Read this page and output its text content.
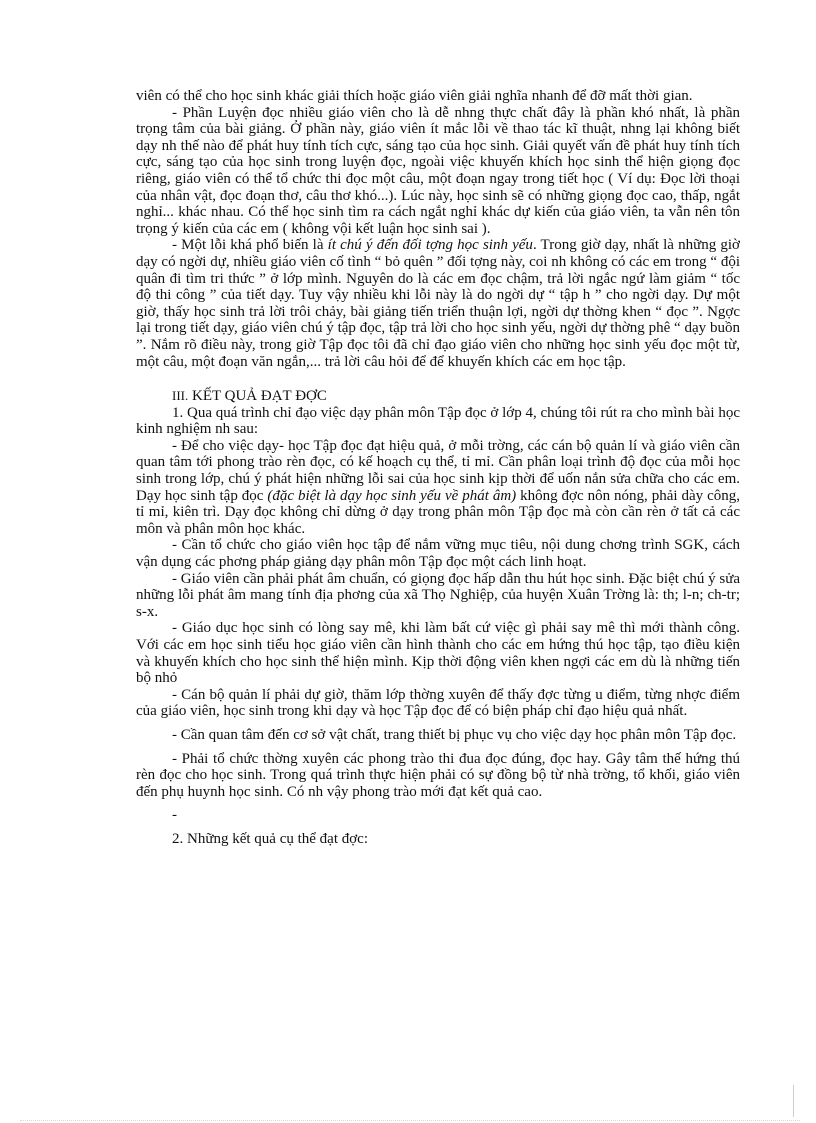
viên có thể cho học sinh khác giải thích hoặc giáo viên giải nghĩa nhanh để đỡ mất thời gian.

- Phần Luyện đọc nhiều giáo viên cho là dễ nhng thực chất đây là phần khó nhất, là phần trọng tâm của bài giảng. Ở phần này, giáo viên ít mắc lỗi về thao tác kĩ thuật, nhng lại không biết dạy nh thế nào để phát huy tính tích cực, sáng tạo của học sinh. Giải quyết vấn đề phát huy tính tích cực, sáng tạo của học sinh trong luyện đọc, ngoài việc khuyến khích học sinh thể hiện giọng đọc riêng, giáo viên có thể tổ chức thi đọc một câu, một đoạn ngay trong tiết học ( Ví dụ: Đọc lời thoại của nhân vật, đọc đoạn thơ, câu thơ khó...). Lúc này, học sinh sẽ có những giọng đọc cao, thấp, ngắt nghỉ... khác nhau. Có thể học sinh tìm ra cách ngắt nghỉ khác dự kiến của giáo viên, ta vẫn nên tôn trọng ý kiến của các em ( không vội kết luận học sinh sai ).

- Một lỗi khá phổ biến là ít chú ý đến đối tợng học sinh yếu. Trong giờ dạy, nhất là những giờ dạy có ngời dự, nhiều giáo viên cố tình “ bỏ quên ” đối tợng này, coi nh không có các em trong “ đội quân đi tìm tri thức ” ở lớp mình. Nguyên do là các em đọc chậm, trả lời ngắc ngứ làm giảm “ tốc độ thi công ” của tiết dạy. Tuy vậy nhiều khi lỗi này là do ngời dự “ tập h ” cho ngời dạy. Dự một giờ, thấy học sinh trả lời trôi chảy, bài giảng tiến triển thuận lợi, ngời dự thờng khen “ đọc ”. Ngợc lại trong tiết dạy, giáo viên chú ý tập đọc, tập trả lời cho học sinh yếu, ngời dự thờng phê “ dạy buồn ”. Nắm rõ điều này, trong giờ Tập đọc tôi đã chỉ đạo giáo viên cho những học sinh yếu đọc một từ, một câu, một đoạn văn ngắn,... trả lời câu hỏi để để khuyến khích các em học tập.

III. KẾT QUẢ ĐẠT ĐỢC

1. Qua quá trình chỉ đạo việc dạy phân môn Tập đọc ở lớp 4, chúng tôi rút ra cho mình bài học kinh nghiệm nh sau:

- Để cho việc dạy- học Tập đọc đạt hiệu quả, ở mỗi trờng, các cán bộ quản lí và giáo viên cần quan tâm tới phong trào rèn đọc, có kế hoạch cụ thể, tỉ mỉ. Cần phân loại trình độ đọc của mỗi học sinh trong lớp, chú ý phát hiện những lỗi sai của học sinh kịp thời để uốn nắn sửa chữa cho các em. Dạy học sinh tập đọc (đặc biệt là dạy học sinh yếu về phát âm) không đợc nôn nóng, phải dày công, tỉ mỉ, kiên trì. Dạy đọc không chỉ dừng ở dạy trong phân môn Tập đọc mà còn cần rèn ở tất cả các môn và phân môn học khác.

- Cần tổ chức cho giáo viên học tập để nắm vững mục tiêu, nội dung chơng trình SGK, cách vận dụng các phơng pháp giảng dạy phân môn Tập đọc một cách linh hoạt.

- Giáo viên cần phải phát âm chuẩn, có giọng đọc hấp dẫn thu hút học sinh. Đặc biệt chú ý sửa những lỗi phát âm mang tính địa phơng của xã Thọ Nghiệp, của huyện Xuân Trờng là: th; l-n; ch-tr; s-x.

- Giáo dục học sinh có lòng say mê, khi làm bất cứ việc gì phải say mê thì mới thành công. Với các em học sinh tiểu học giáo viên cần hình thành cho các em hứng thú học tập, tạo điều kiện và khuyến khích cho học sinh thể hiện mình. Kịp thời động viên khen ngợi các em dù là những tiến bộ nhỏ

- Cán bộ quản lí phải dự giờ, thăm lớp thờng xuyên để thấy đợc từng u điểm, từng nhợc điểm của giáo viên, học sinh trong khi dạy và học Tập đọc để có biện pháp chỉ đạo hiệu quả nhất.

- Cần quan tâm đến cơ sở vật chất, trang thiết bị phục vụ cho việc dạy học phân môn Tập đọc.

- Phải tổ chức thờng xuyên các phong trào thi đua đọc đúng, đọc hay. Gây tâm thế hứng thú rèn đọc cho học sinh. Trong quá trình thực hiện phải có sự đồng bộ từ nhà trờng, tổ khối, giáo viên đến phụ huynh học sinh. Có nh vậy phong trào mới đạt kết quả cao.

-

2. Những kết quả cụ thể đạt đợc:
